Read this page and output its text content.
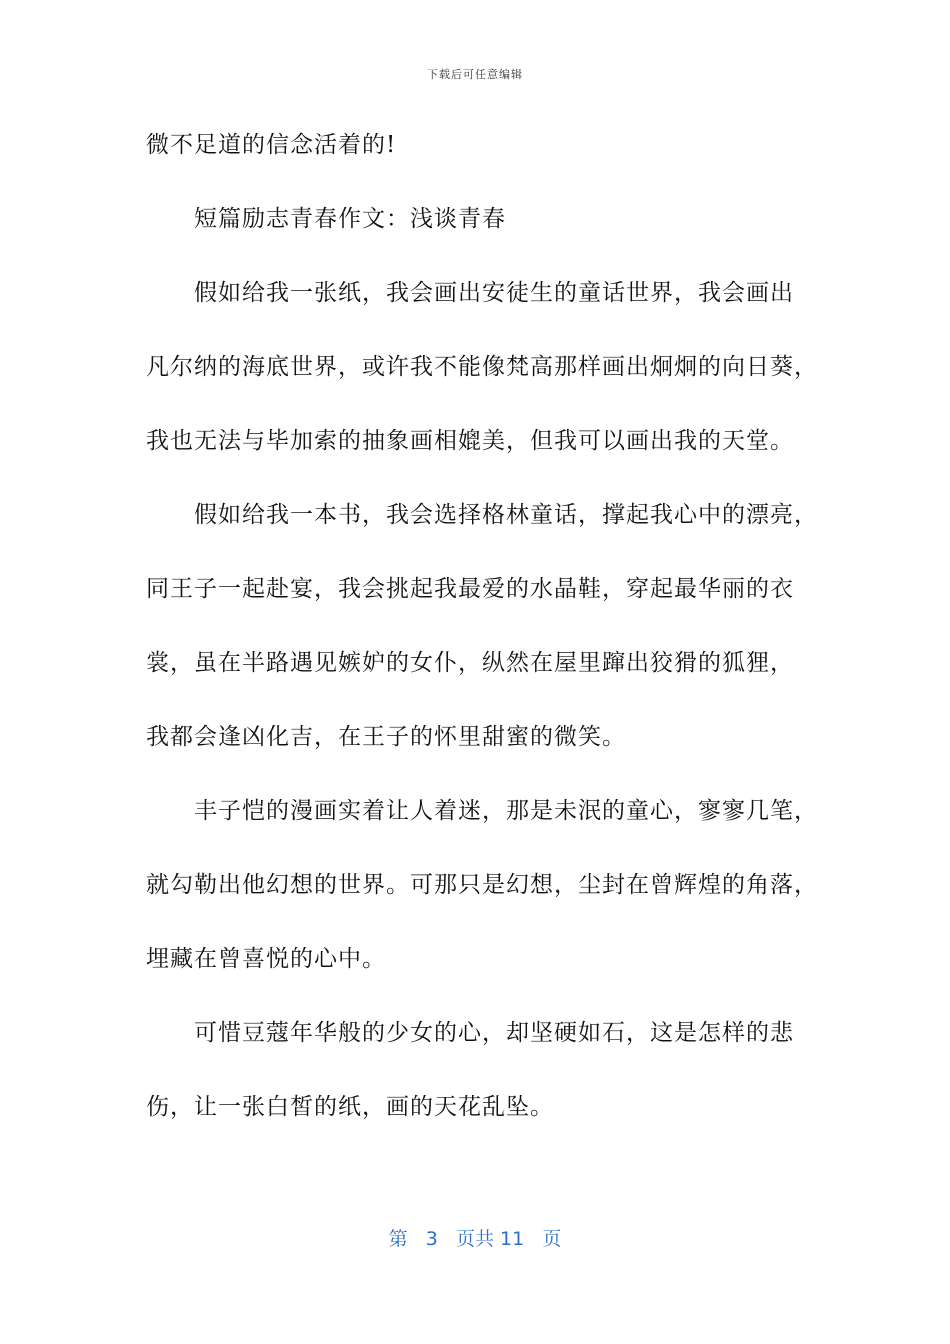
下载后可任意编辑
微不足道的信念活着的!
短篇励志青春作文：浅谈青春
假如给我一张纸，我会画出安徒生的童话世界，我会画出
凡尔纳的海底世界，或许我不能像梵高那样画出炯炯的向日葵，
我也无法与毕加索的抽象画相媲美，但我可以画出我的天堂。
假如给我一本书，我会选择格林童话，撑起我心中的漂亮，
同王子一起赴宴，我会挑起我最爱的水晶鞋，穿起最华丽的衣
裳，虽在半路遇见嫉妒的女仆，纵然在屋里蹿出狡猾的狐狸，
我都会逢凶化吉，在王子的怀里甜蜜的微笑。
丰子恺的漫画实着让人着迷，那是未泯的童心，寥寥几笔，
就勾勒出他幻想的世界。可那只是幻想，尘封在曾辉煌的角落，
埋藏在曾喜悦的心中。
可惜豆蔻年华般的少女的心，却坚硬如石，这是怎样的悲
伤，让一张白皙的纸，画的天花乱坠。
第 3 页共 11 页
